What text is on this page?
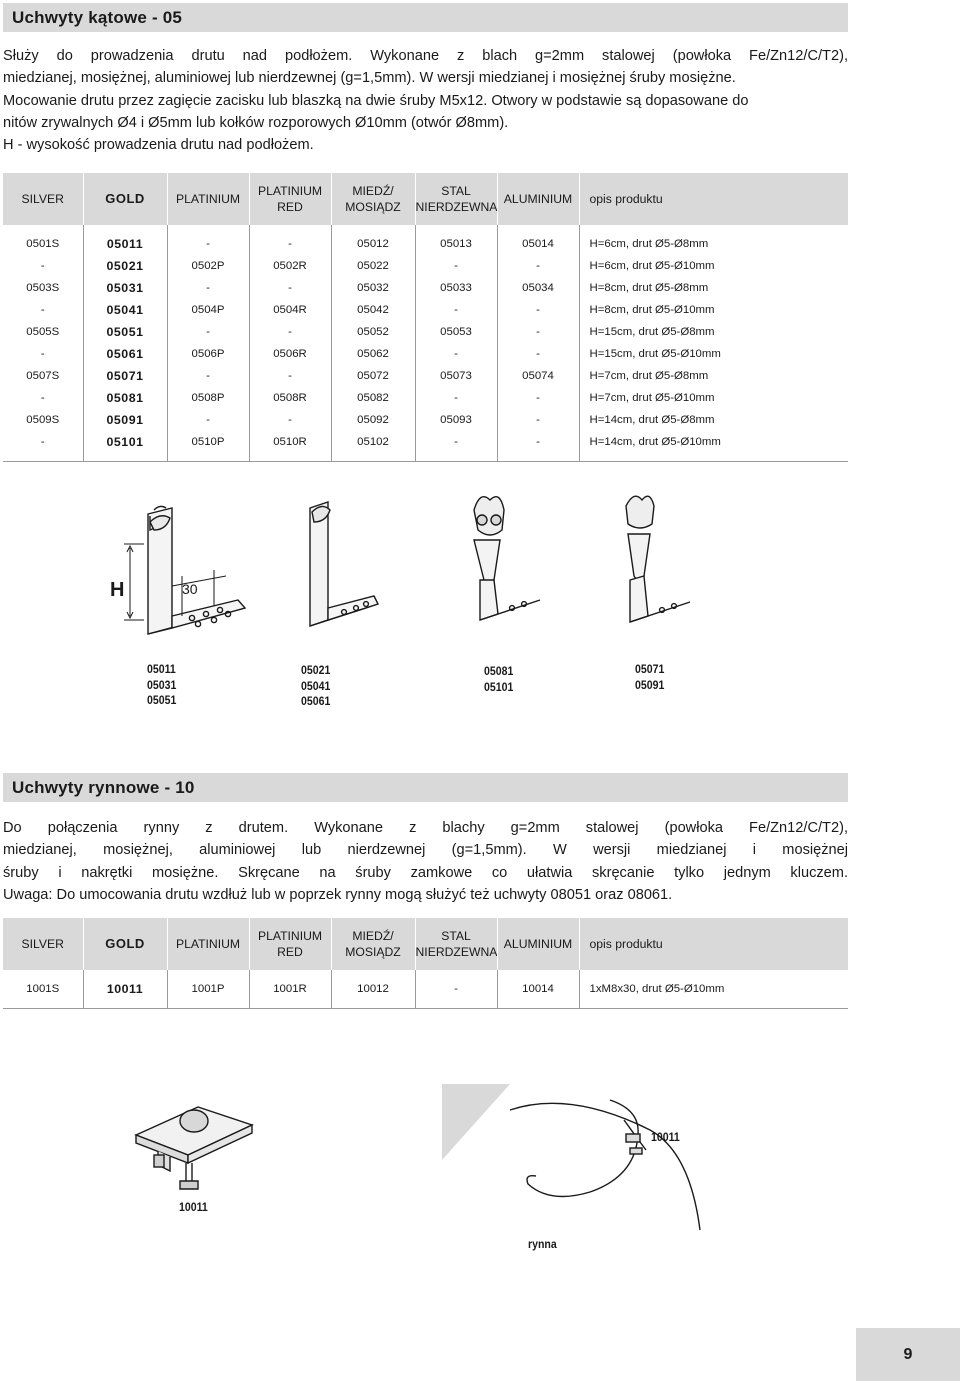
Uchwyty kątowe - 05
Służy do prowadzenia drutu nad podłożem. Wykonane z blach g=2mm stalowej (powłoka Fe/Zn12/C/T2),
miedzianej, mosiężnej, aluminiowej lub nierdzewnej (g=1,5mm). W wersji miedzianej i mosiężnej śruby mosiężne.
Mocowanie drutu przez zagięcie zacisku lub blaszką na dwie śruby M5x12. Otwory w podstawie są dopasowane do
nitów zrywalnych Ø4 i Ø5mm lub kołków rozporowych Ø10mm (otwór Ø8mm).
H - wysokość prowadzenia drutu nad podłożem.
SILVER	GOLD	PLATINIUM	PLATINIUM RED	MIEDŹ/ MOSIĄDZ	STAL NIERDZEWNA	ALUMINIUM	opis produktu

0501S	05011	-	-	05012	05013	05014	H=6cm, drut Ø5-Ø8mm
-	05021	0502P	0502R	05022	-	-	H=6cm, drut Ø5-Ø10mm
0503S	05031	-	-	05032	05033	05034	H=8cm, drut Ø5-Ø8mm
-	05041	0504P	0504R	05042	-	-	H=8cm, drut Ø5-Ø10mm
0505S	05051	-	-	05052	05053	-	H=15cm, drut Ø5-Ø8mm
-	05061	0506P	0506R	05062	-	-	H=15cm, drut Ø5-Ø10mm
0507S	05071	-	-	05072	05073	05074	H=7cm, drut Ø5-Ø8mm
-	05081	0508P	0508R	05082	-	-	H=7cm, drut Ø5-Ø10mm
0509S	05091	-	-	05092	05093	-	H=14cm, drut Ø5-Ø8mm
-	05101	0510P	0510R	05102	-	-	H=14cm, drut Ø5-Ø10mm

H	30
05011
05031
05051
05021
05041
05061
05081
05101
05071
05091
Uchwyty rynnowe - 10
Do połączenia rynny z drutem. Wykonane z blachy g=2mm stalowej (powłoka Fe/Zn12/C/T2),
miedzianej, mosiężnej, aluminiowej lub nierdzewnej (g=1,5mm). W wersji miedzianej i mosiężnej
śruby i nakrętki mosiężne. Skręcane na śruby zamkowe co ułatwia skręcanie tylko jednym kluczem.
Uwaga: Do umocowania drutu wzdłuż lub w poprzek rynny mogą służyć też uchwyty 08051 oraz 08061.
SILVER	GOLD	PLATINIUM	PLATINIUM RED	MIEDŹ/ MOSIĄDZ	STAL NIERDZEWNA	ALUMINIUM	opis produktu

1001S	10011	1001P	1001R	10012	-	10014	1xM8x30, drut Ø5-Ø10mm

10011
10011
rynna
9
